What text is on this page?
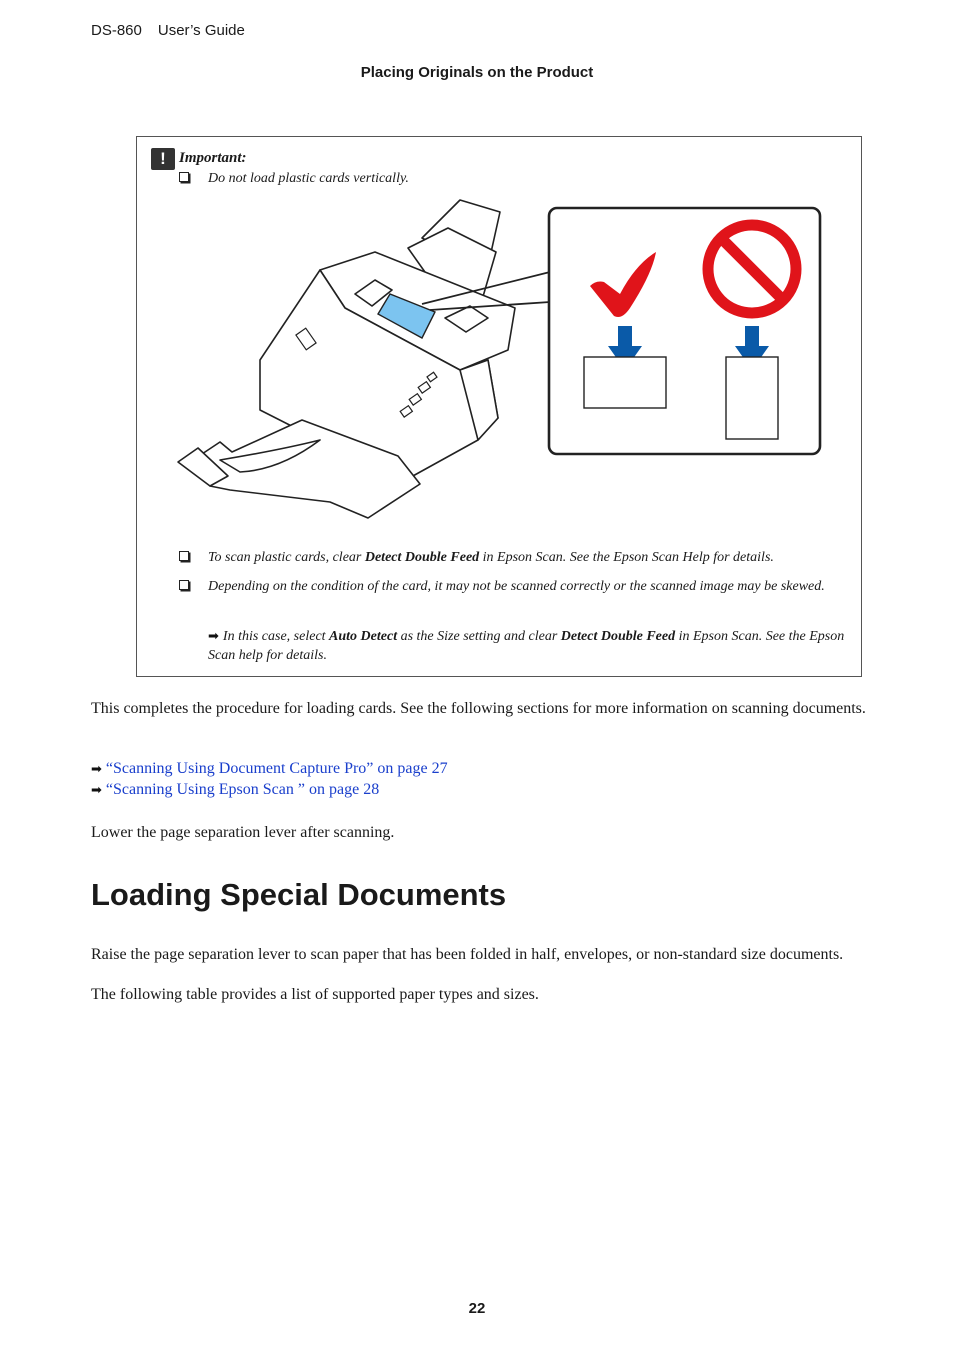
DS-860 User’s Guide
Placing Originals on the Product
! Important:
Do not load plastic cards vertically.
To scan plastic cards, clear Detect Double Feed in Epson Scan. See the Epson Scan Help for details.
Depending on the condition of the card, it may not be scanned correctly or the scanned image may be skewed.
➡ In this case, select Auto Detect as the Size setting and clear Detect Double Feed in Epson Scan. See the Epson Scan help for details.
This completes the procedure for loading cards. See the following sections for more information on scanning documents.
➡ “Scanning Using Document Capture Pro” on page 27
➡ “Scanning Using Epson Scan ” on page 28
Lower the page separation lever after scanning.
Loading Special Documents
Raise the page separation lever to scan paper that has been folded in half, envelopes, or non-standard size documents.
The following table provides a list of supported paper types and sizes.
22
